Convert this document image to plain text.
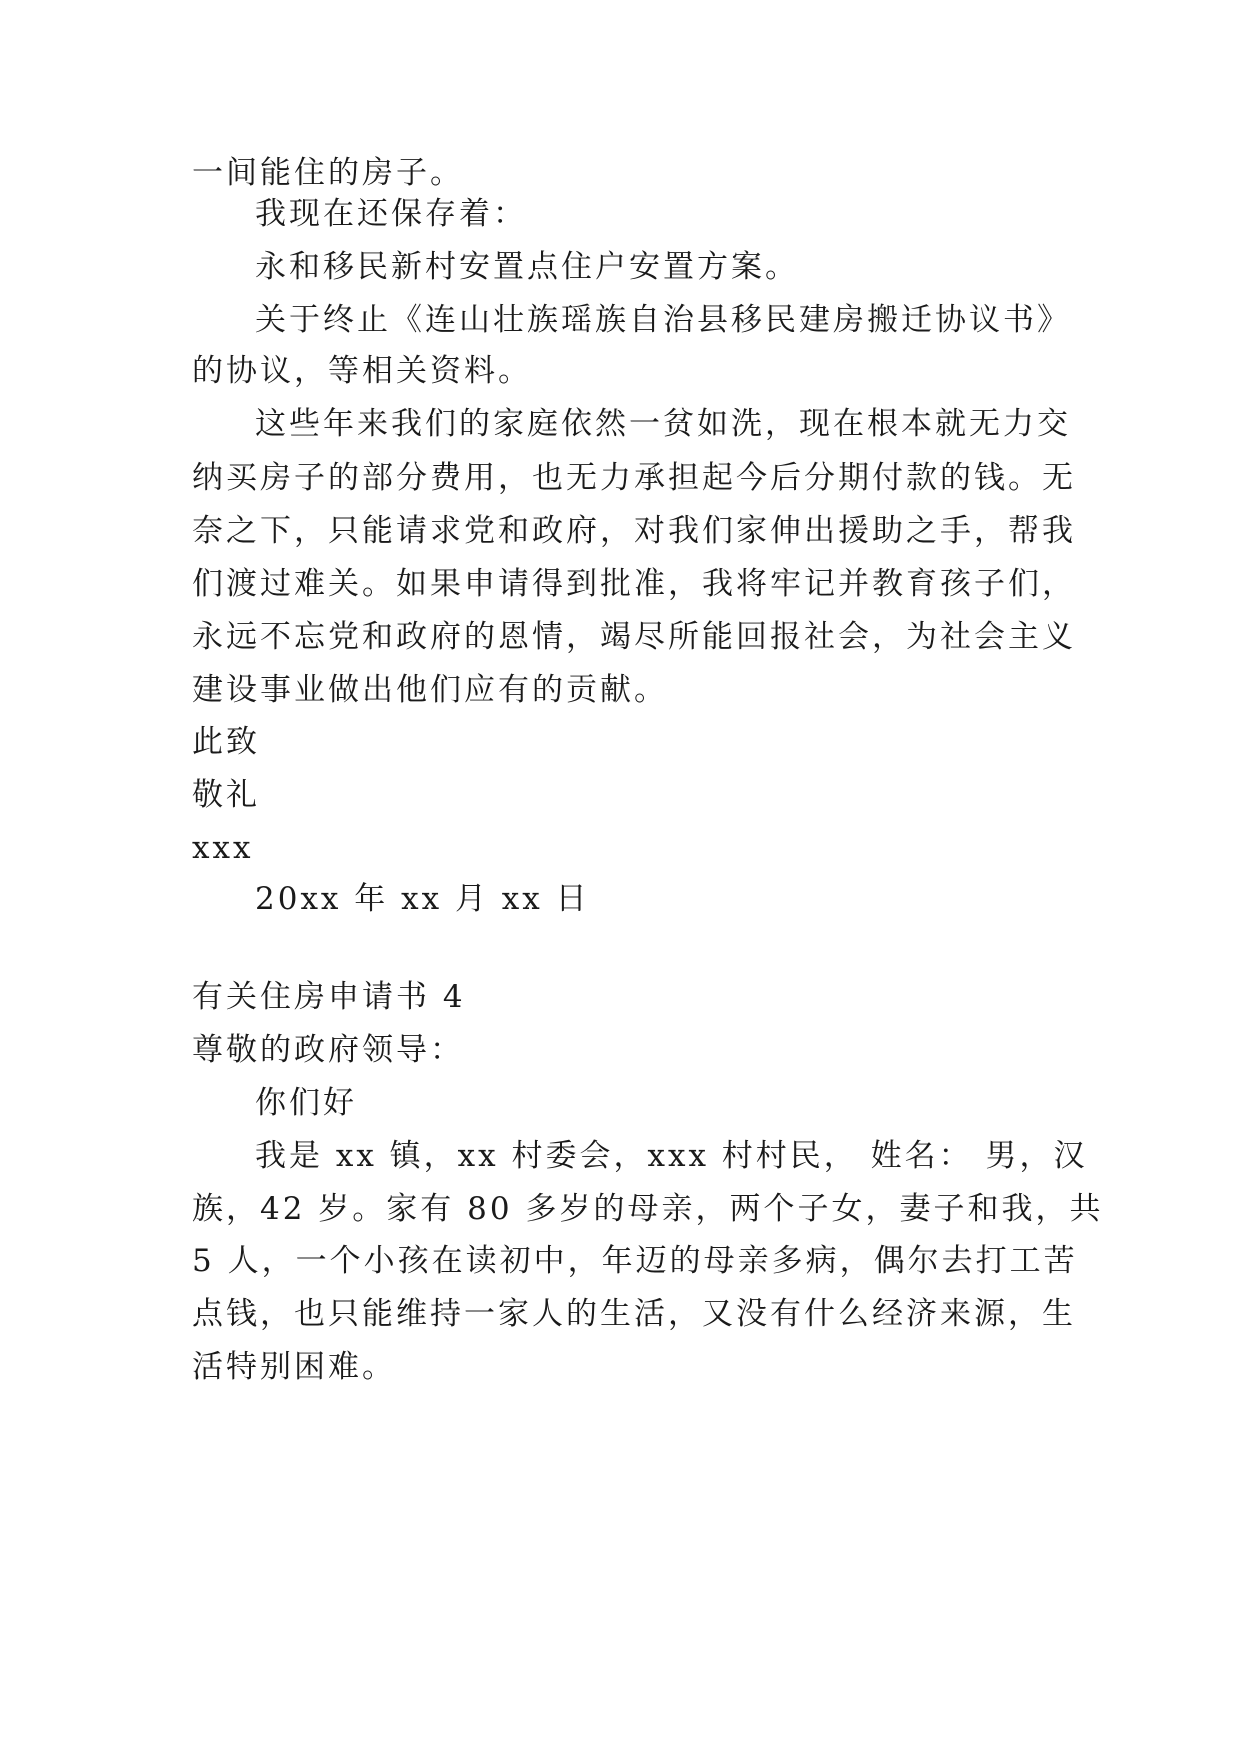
一间能住的房子。
我现在还保存着：
永和移民新村安置点住户安置方案。
关于终止《连山壮族瑶族自治县移民建房搬迁协议书》
的协议，等相关资料。
这些年来我们的家庭依然一贫如洗，现在根本就无力交
纳买房子的部分费用，也无力承担起今后分期付款的钱。无
奈之下，只能请求党和政府，对我们家伸出援助之手，帮我
们渡过难关。如果申请得到批准，我将牢记并教育孩子们，
永远不忘党和政府的恩情，竭尽所能回报社会，为社会主义
建设事业做出他们应有的贡献。
此致
敬礼
xxx
20xx 年 xx 月 xx 日
有关住房申请书 4
尊敬的政府领导：
你们好
我是 xx 镇，xx 村委会，xxx 村村民， 姓名： 男，汉
族，42 岁。家有 80 多岁的母亲，两个子女，妻子和我，共
5 人，一个小孩在读初中，年迈的母亲多病，偶尔去打工苦
点钱，也只能维持一家人的生活，又没有什么经济来源，生
活特别困难。
